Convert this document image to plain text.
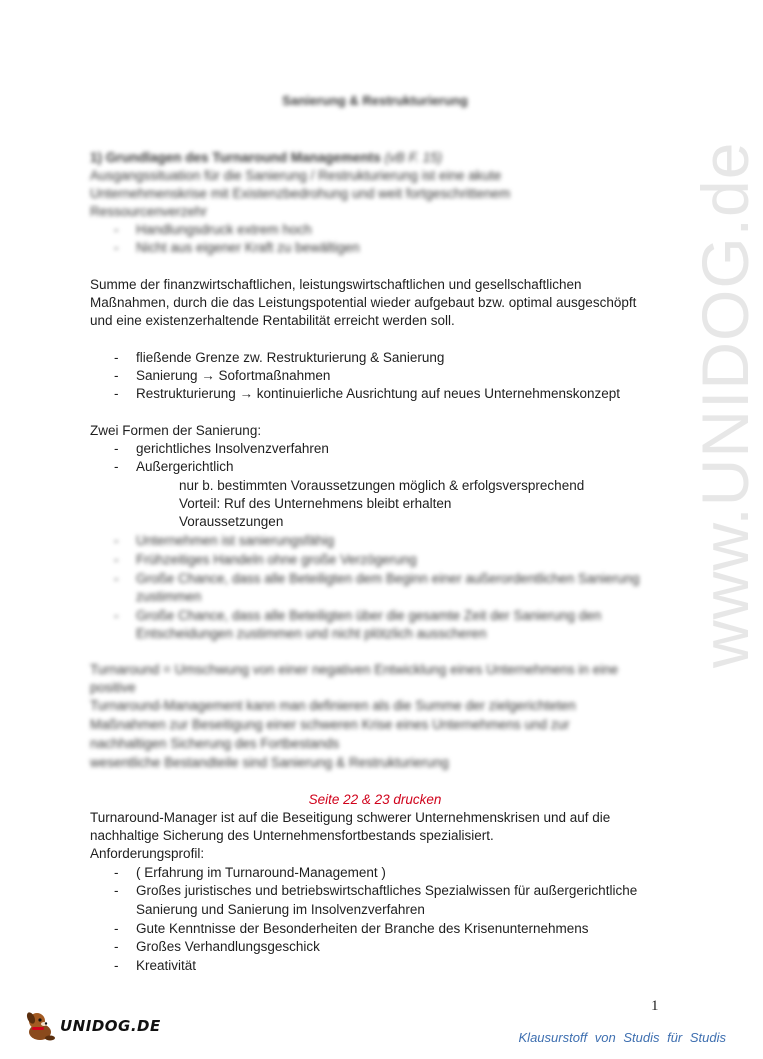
www.UNIDOG.de
Sanierung & Restrukturierung
1) Grundlagen des Turnaround Managements (vB F. 15)
Ausgangssituation für die Sanierung / Restrukturierung ist eine akute
Unternehmenskrise mit Existenzbedrohung und weit fortgeschrittenem
Ressourcenverzehr
- Handlungsdruck extrem hoch
- Nicht aus eigener Kraft zu bewältigen
Summe der finanzwirtschaftlichen, leistungswirtschaftlichen und gesellschaftlichen
Maßnahmen, durch die das Leistungspotential wieder aufgebaut bzw. optimal ausgeschöpft
und eine existenzerhaltende Rentabilität erreicht werden soll.
- fließende Grenze zw. Restrukturierung & Sanierung
- Sanierung → Sofortmaßnahmen
- Restrukturierung → kontinuierliche Ausrichtung auf neues Unternehmenskonzept
Zwei Formen der Sanierung:
- gerichtliches Insolvenzverfahren
- Außergerichtlich
nur b. bestimmten Voraussetzungen möglich & erfolgsversprechend
Vorteil: Ruf des Unternehmens bleibt erhalten
Voraussetzungen
- Unternehmen ist sanierungsfähig
- Frühzeitiges Handeln ohne große Verzögerung
- Große Chance, dass alle Beteiligten dem Beginn einer außerordentlichen Sanierung
zustimmen
- Große Chance, dass alle Beteiligten über die gesamte Zeit der Sanierung den
Entscheidungen zustimmen und nicht plötzlich ausscheren
Turnaround = Umschwung von einer negativen Entwicklung eines Unternehmens in eine
positive
Turnaround-Management kann man definieren als die Summe der zielgerichteten
Maßnahmen zur Beseitigung einer schweren Krise eines Unternehmens und zur
nachhaltigen Sicherung des Fortbestands
wesentliche Bestandteile sind Sanierung & Restrukturierung
Seite 22 & 23 drucken
Turnaround-Manager ist auf die Beseitigung schwerer Unternehmenskrisen und auf die
nachhaltige Sicherung des Unternehmensfortbestands spezialisiert.
Anforderungsprofil:
- ( Erfahrung im Turnaround-Management )
- Großes juristisches und betriebswirtschaftliches Spezialwissen für außergerichtliche
Sanierung und Sanierung im Insolvenzverfahren
- Gute Kenntnisse der Besonderheiten der Branche des Krisenunternehmens
- Großes Verhandlungsgeschick
- Kreativität
1
UNIDOG.DE
Klausurstoff von Studis für Studis
